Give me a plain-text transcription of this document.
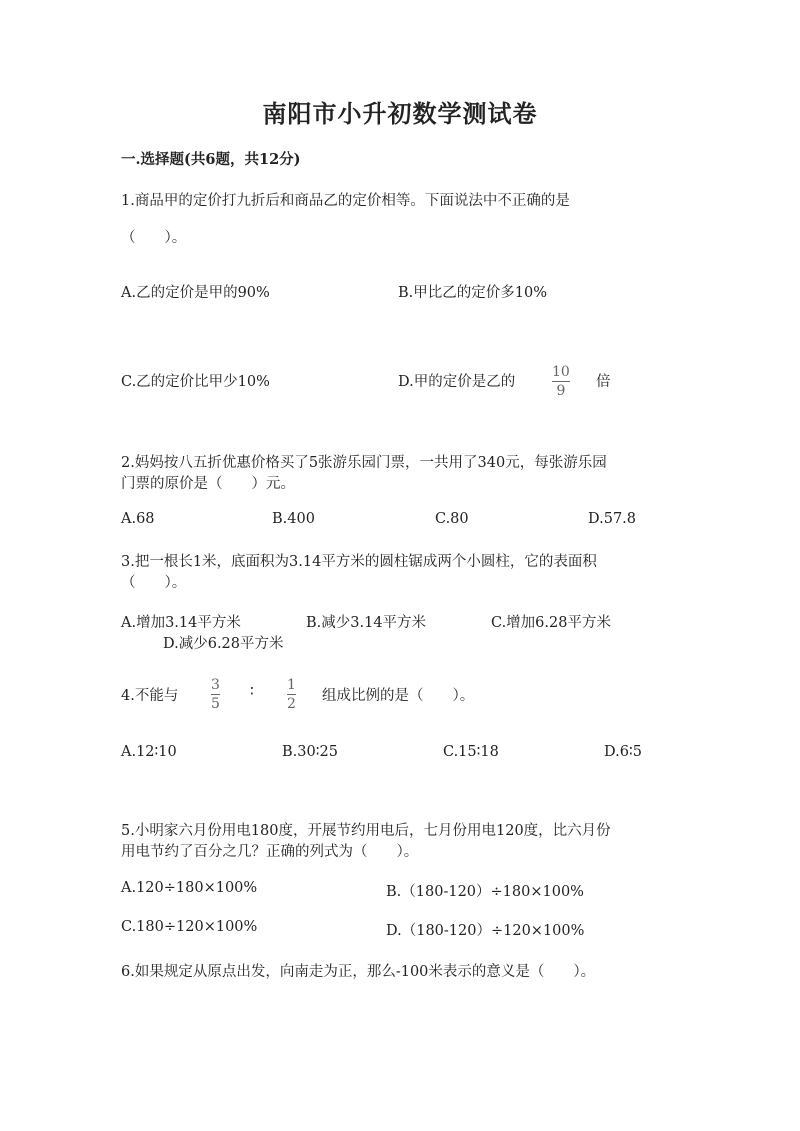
南阳市小升初数学测试卷
一.选择题(共6题，共12分)
1.商品甲的定价打九折后和商品乙的定价相等。下面说法中不正确的是
（　　）。
A.乙的定价是甲的90%	B.甲比乙的定价多10%
C.乙的定价比甲少10%	D.甲的定价是乙的
10
9
倍
2.妈妈按八五折优惠价格买了5张游乐园门票，一共用了340元，每张游乐园
门票的原价是（　　）元。
A.68	B.400	C.80	D.57.8
3.把一根长1米，底面积为3.14平方米的圆柱锯成两个小圆柱，它的表面积
（　　）。
A.增加3.14平方米	B.减少3.14平方米	C.增加6.28平方米
D.减少6.28平方米
4.不能与
3
5
∶ 1
2 组成比例的是（　　）。
A.12∶10	B.30∶25	C.15∶18	D.6∶5
5.小明家六月份用电180度，开展节约用电后，七月份用电120度，比六月份
用电节约了百分之几？正确的列式为（　　）。
A.120÷180×100%	B.（180-120）÷180×100%
C.180÷120×100%	D.（180-120）÷120×100%
6.如果规定从原点出发，向南走为正，那么-100米表示的意义是（　　）。
